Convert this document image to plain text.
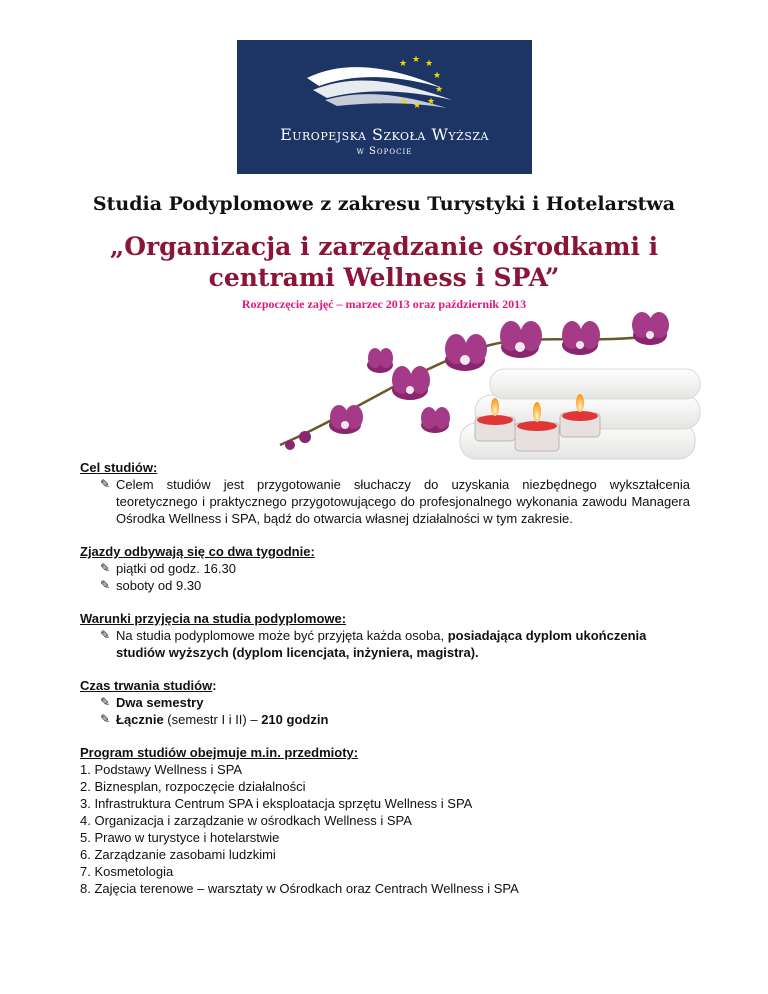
★ ★ ★
★
★
★
★
★
Europejska Szkoła Wyższa
w Sopocie
Studia Podyplomowe z zakresu Turystyki i Hotelarstwa
„Organizacja i zarządzanie ośrodkami i centrami Wellness i SPA”
Rozpoczęcie zajęć – marzec 2013 oraz październik 2013

Cel studiów:

✎ Celem studiów jest przygotowanie słuchaczy do uzyskania niezbędnego wykształcenia teoretycznego i praktycznego przygotowującego do profesjonalnego wykonania zawodu Managera Ośrodka Wellness i SPA, bądź do otwarcia własnej działalności w tym zakresie.

Zjazdy odbywają się co dwa tygodnie:

✎ piątki od godz. 16.30
✎ soboty od 9.30

Warunki przyjęcia na studia podyplomowe:

✎ Na studia podyplomowe może być przyjęta każda osoba, posiadająca dyplom ukończenia studiów wyższych (dyplom licencjata, inżyniera, magistra).

Czas trwania studiów:

✎ Dwa semestry
✎ Łącznie (semestr I i II) – 210 godzin

Program studiów obejmuje m.in. przedmioty:

1. Podstawy Wellness i SPA
2. Biznesplan, rozpoczęcie działalności
3. Infrastruktura Centrum SPA i eksploatacja sprzętu Wellness i SPA
4. Organizacja i zarządzanie w ośrodkach Wellness i SPA
5. Prawo w turystyce i hotelarstwie
6. Zarządzanie zasobami ludzkimi
7. Kosmetologia
8. Zajęcia terenowe – warsztaty w Ośrodkach oraz Centrach Wellness i SPA
